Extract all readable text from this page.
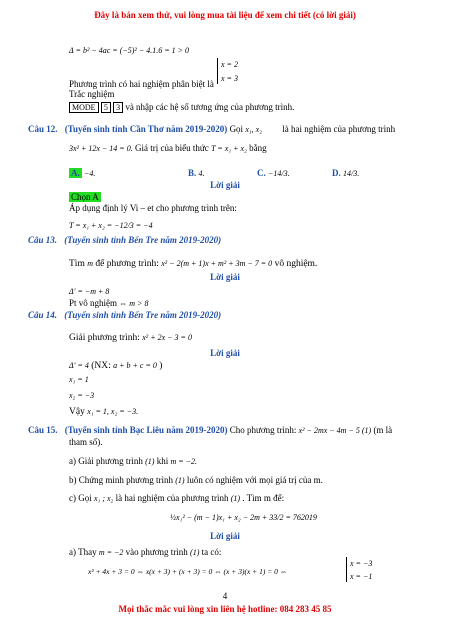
Đây là bản xem thử, vui lòng mua tài liệu để xem chi tiết (có lời giải)
Δ = b² − 4ac = (−5)² − 4.1.6 = 1 > 0
Phương trình có hai nghiệm phân biệt là
x = 2
x = 3
Trắc nghiệm
MODE 5 3 và nhập các hệ số tương ứng của phương trình.
Câu 12. (Tuyển sinh tỉnh Cần Thơ năm 2019-2020) Gọi x₁, x₂ là hai nghiệm của phương trình
3x² + 12x − 14 = 0. Giá trị của biểu thức T = x₁ + x₂ bằng
A. −4.	B. 4.	C. −14/3.	D. 14/3.
Lời giải
Chọn A
Áp dụng định lý Vi – et cho phương trình trên:
T = x₁ + x₂ = −12/3 = −4
Câu 13. (Tuyển sinh tỉnh Bến Tre năm 2019-2020)
Tìm m để phương trình: x² − 2(m + 1)x + m² + 3m − 7 = 0 vô nghiệm.
Lời giải
Δ′ = −m + 8
Pt vô nghiệm ⇔ m > 8
Câu 14. (Tuyển sinh tỉnh Bến Tre năm 2019-2020)
Giải phương trình: x² + 2x − 3 = 0
Lời giải
Δ′ = 4 (NX: a + b + c = 0 )
x₁ = 1
x₂ = −3
Vậy x₁ = 1, x₂ = −3.
Câu 15. (Tuyển sinh tỉnh Bạc Liêu năm 2019-2020) Cho phương trình: x² − 2mx − 4m − 5 (1) (m là
tham số).
a) Giải phương trình (1) khi m = −2.
b) Chứng minh phương trình (1) luôn có nghiệm với mọi giá trị của m.
c) Gọi x₁ ; x₂ là hai nghiệm của phương trình (1) . Tìm m để:
½x₁² − (m − 1)x₁ + x₂ − 2m + 33/2 = 762019
Lời giải
a) Thay m = −2 vào phương trình (1) ta có:
x² + 4x + 3 = 0 ⇔ x(x + 3) + (x + 3) = 0 ⇔ (x + 3)(x + 1) = 0 ⇔
x = −3
x = −1
4
Mọi thắc mắc vui lòng xin liên hệ hotline: 084 283 45 85
